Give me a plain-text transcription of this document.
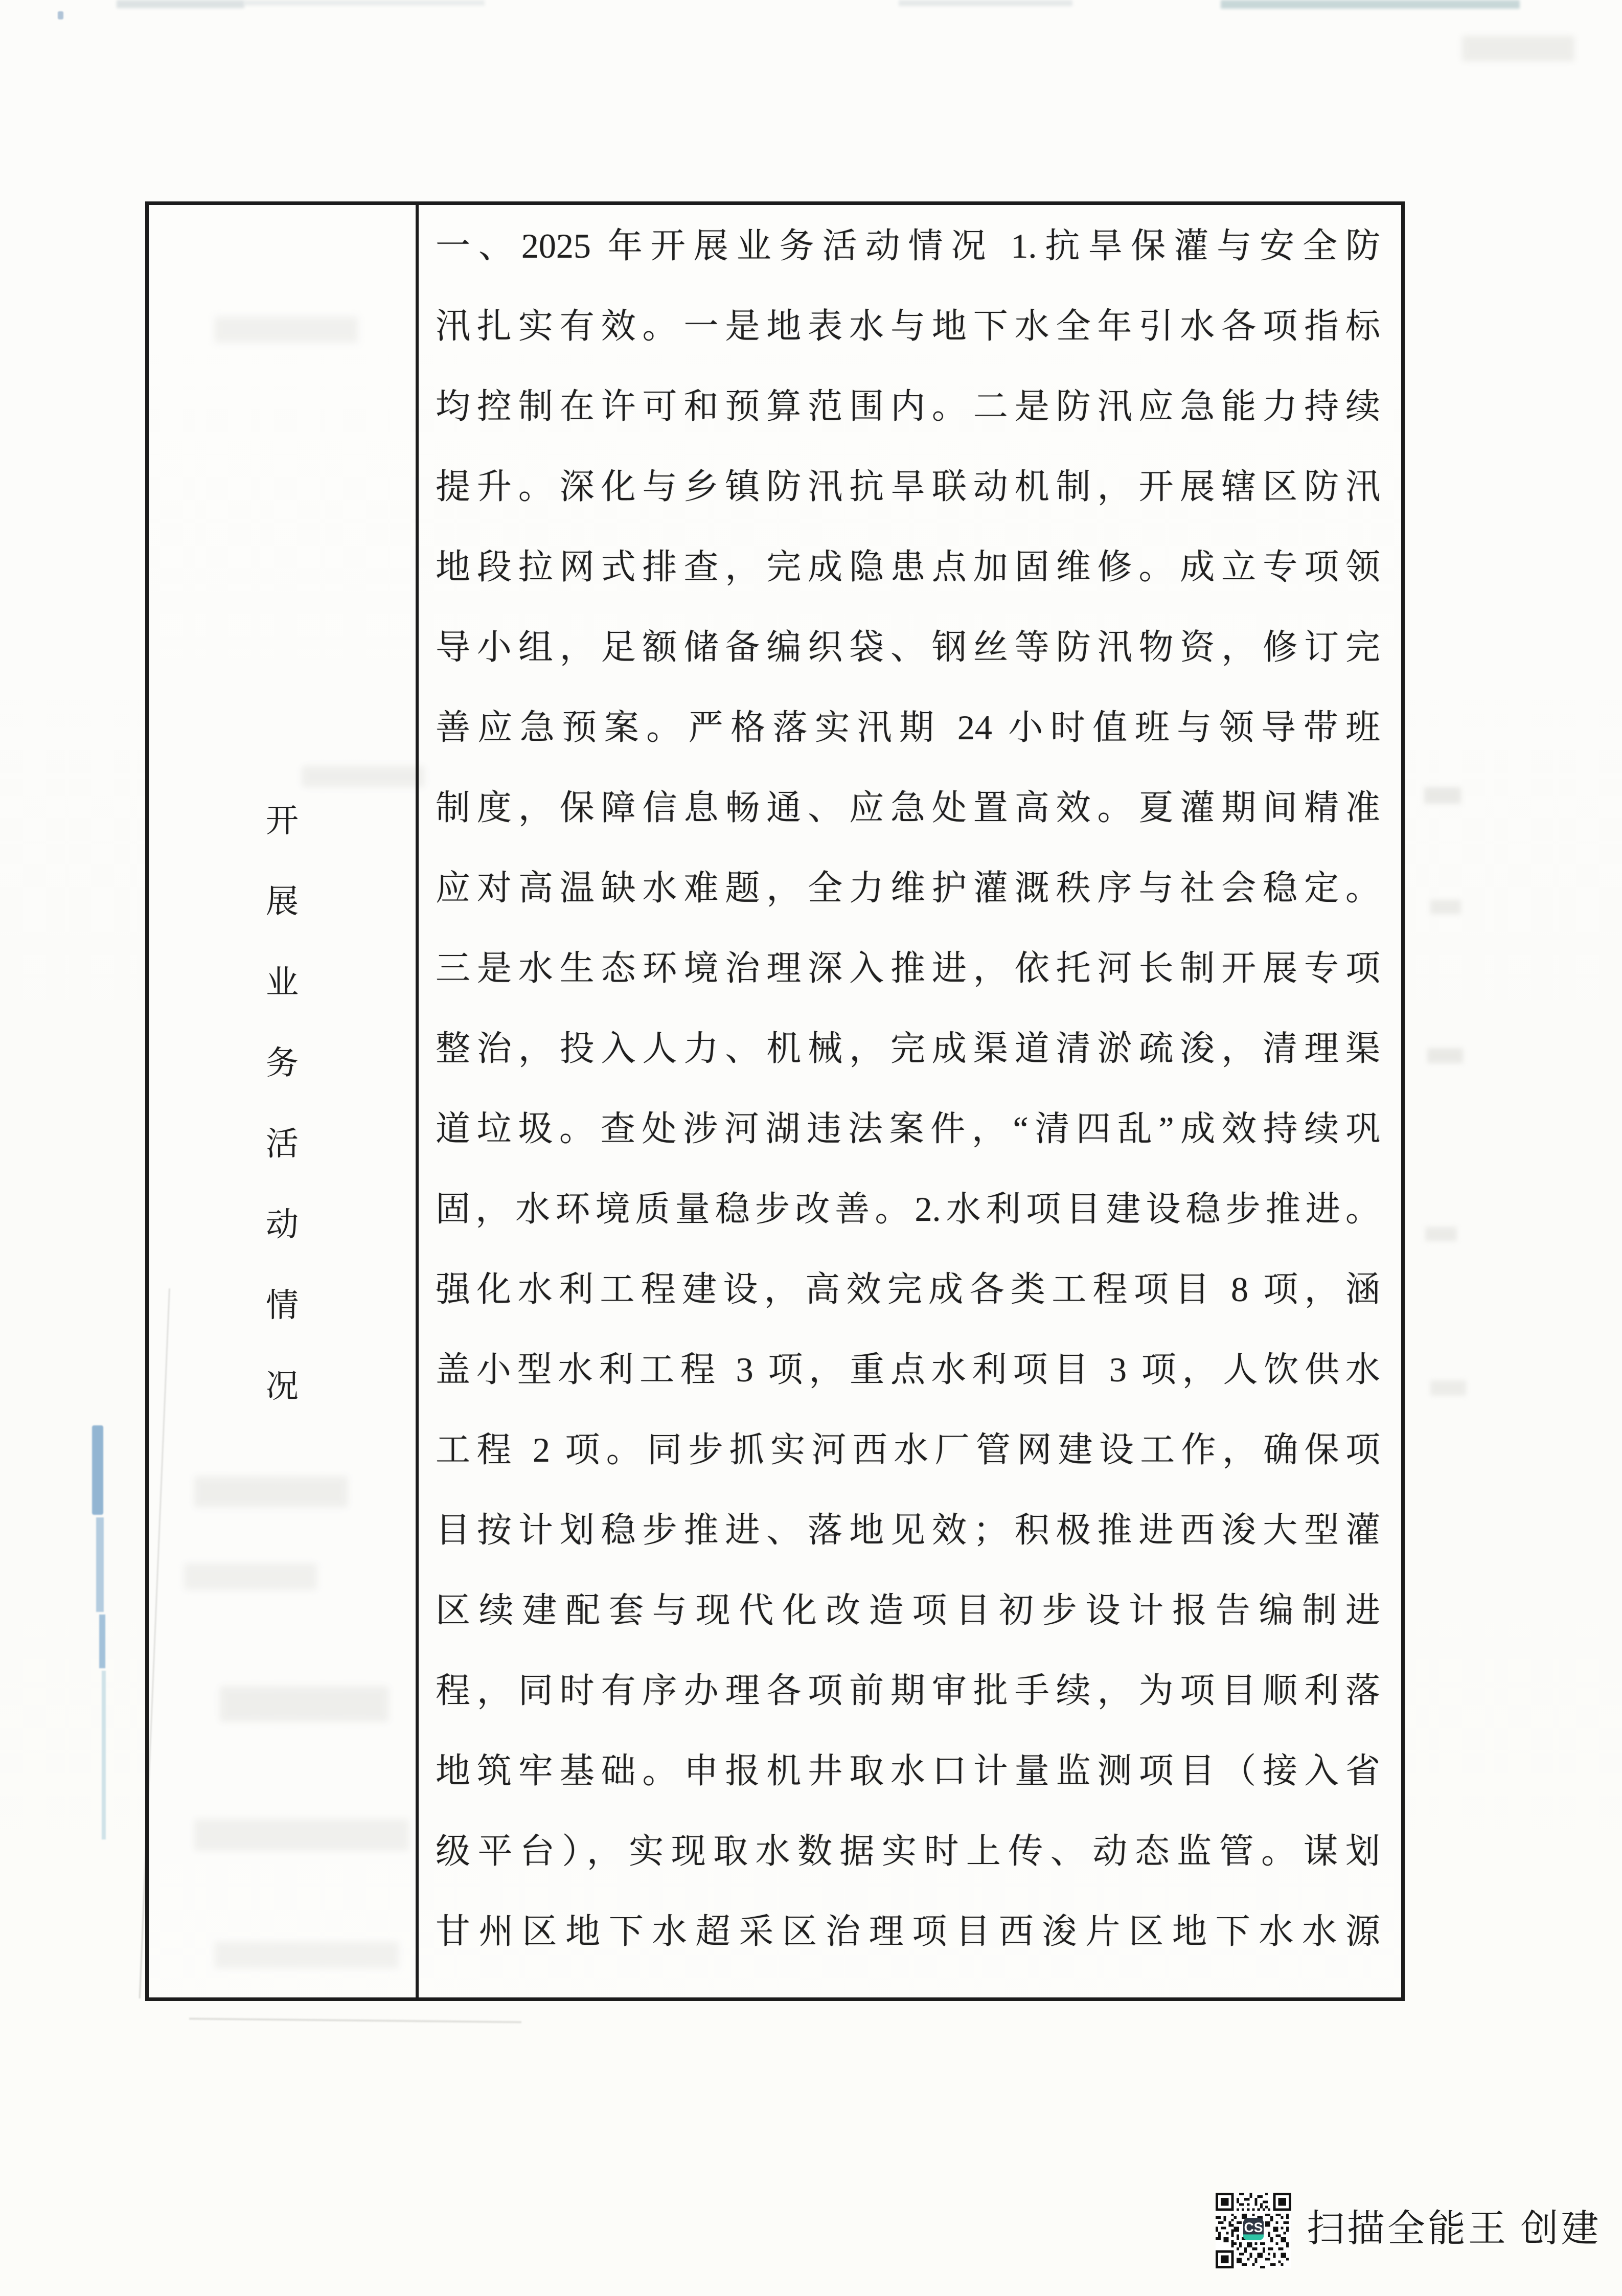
开
展
业
务
活
动
情
况
一、2025 年开展业务活动情况 1.抗旱保灌与安全防
汛扎实有效。一是地表水与地下水全年引水各项指标
均控制在许可和预算范围内。二是防汛应急能力持续
提升。深化与乡镇防汛抗旱联动机制，开展辖区防汛
地段拉网式排查，完成隐患点加固维修。成立专项领
导小组，足额储备编织袋、钢丝等防汛物资，修订完
善应急预案。严格落实汛期 24 小时值班与领导带班
制度，保障信息畅通、应急处置高效。夏灌期间精准
应对高温缺水难题，全力维护灌溉秩序与社会稳定。
三是水生态环境治理深入推进，依托河长制开展专项
整治，投入人力、机械，完成渠道清淤疏浚，清理渠
道垃圾。查处涉河湖违法案件，“清四乱”成效持续巩
固，水环境质量稳步改善。2.水利项目建设稳步推进。
强化水利工程建设，高效完成各类工程项目 8 项，涵
盖小型水利工程 3 项，重点水利项目 3 项，人饮供水
工程 2 项。同步抓实河西水厂管网建设工作，确保项
目按计划稳步推进、落地见效；积极推进西浚大型灌
区续建配套与现代化改造项目初步设计报告编制进
程，同时有序办理各项前期审批手续，为项目顺利落
地筑牢基础。申报机井取水口计量监测项目（接入省
级平台），实现取水数据实时上传、动态监管。谋划
甘州区地下水超采区治理项目西浚片区地下水水源
CS 扫描全能王 创建
